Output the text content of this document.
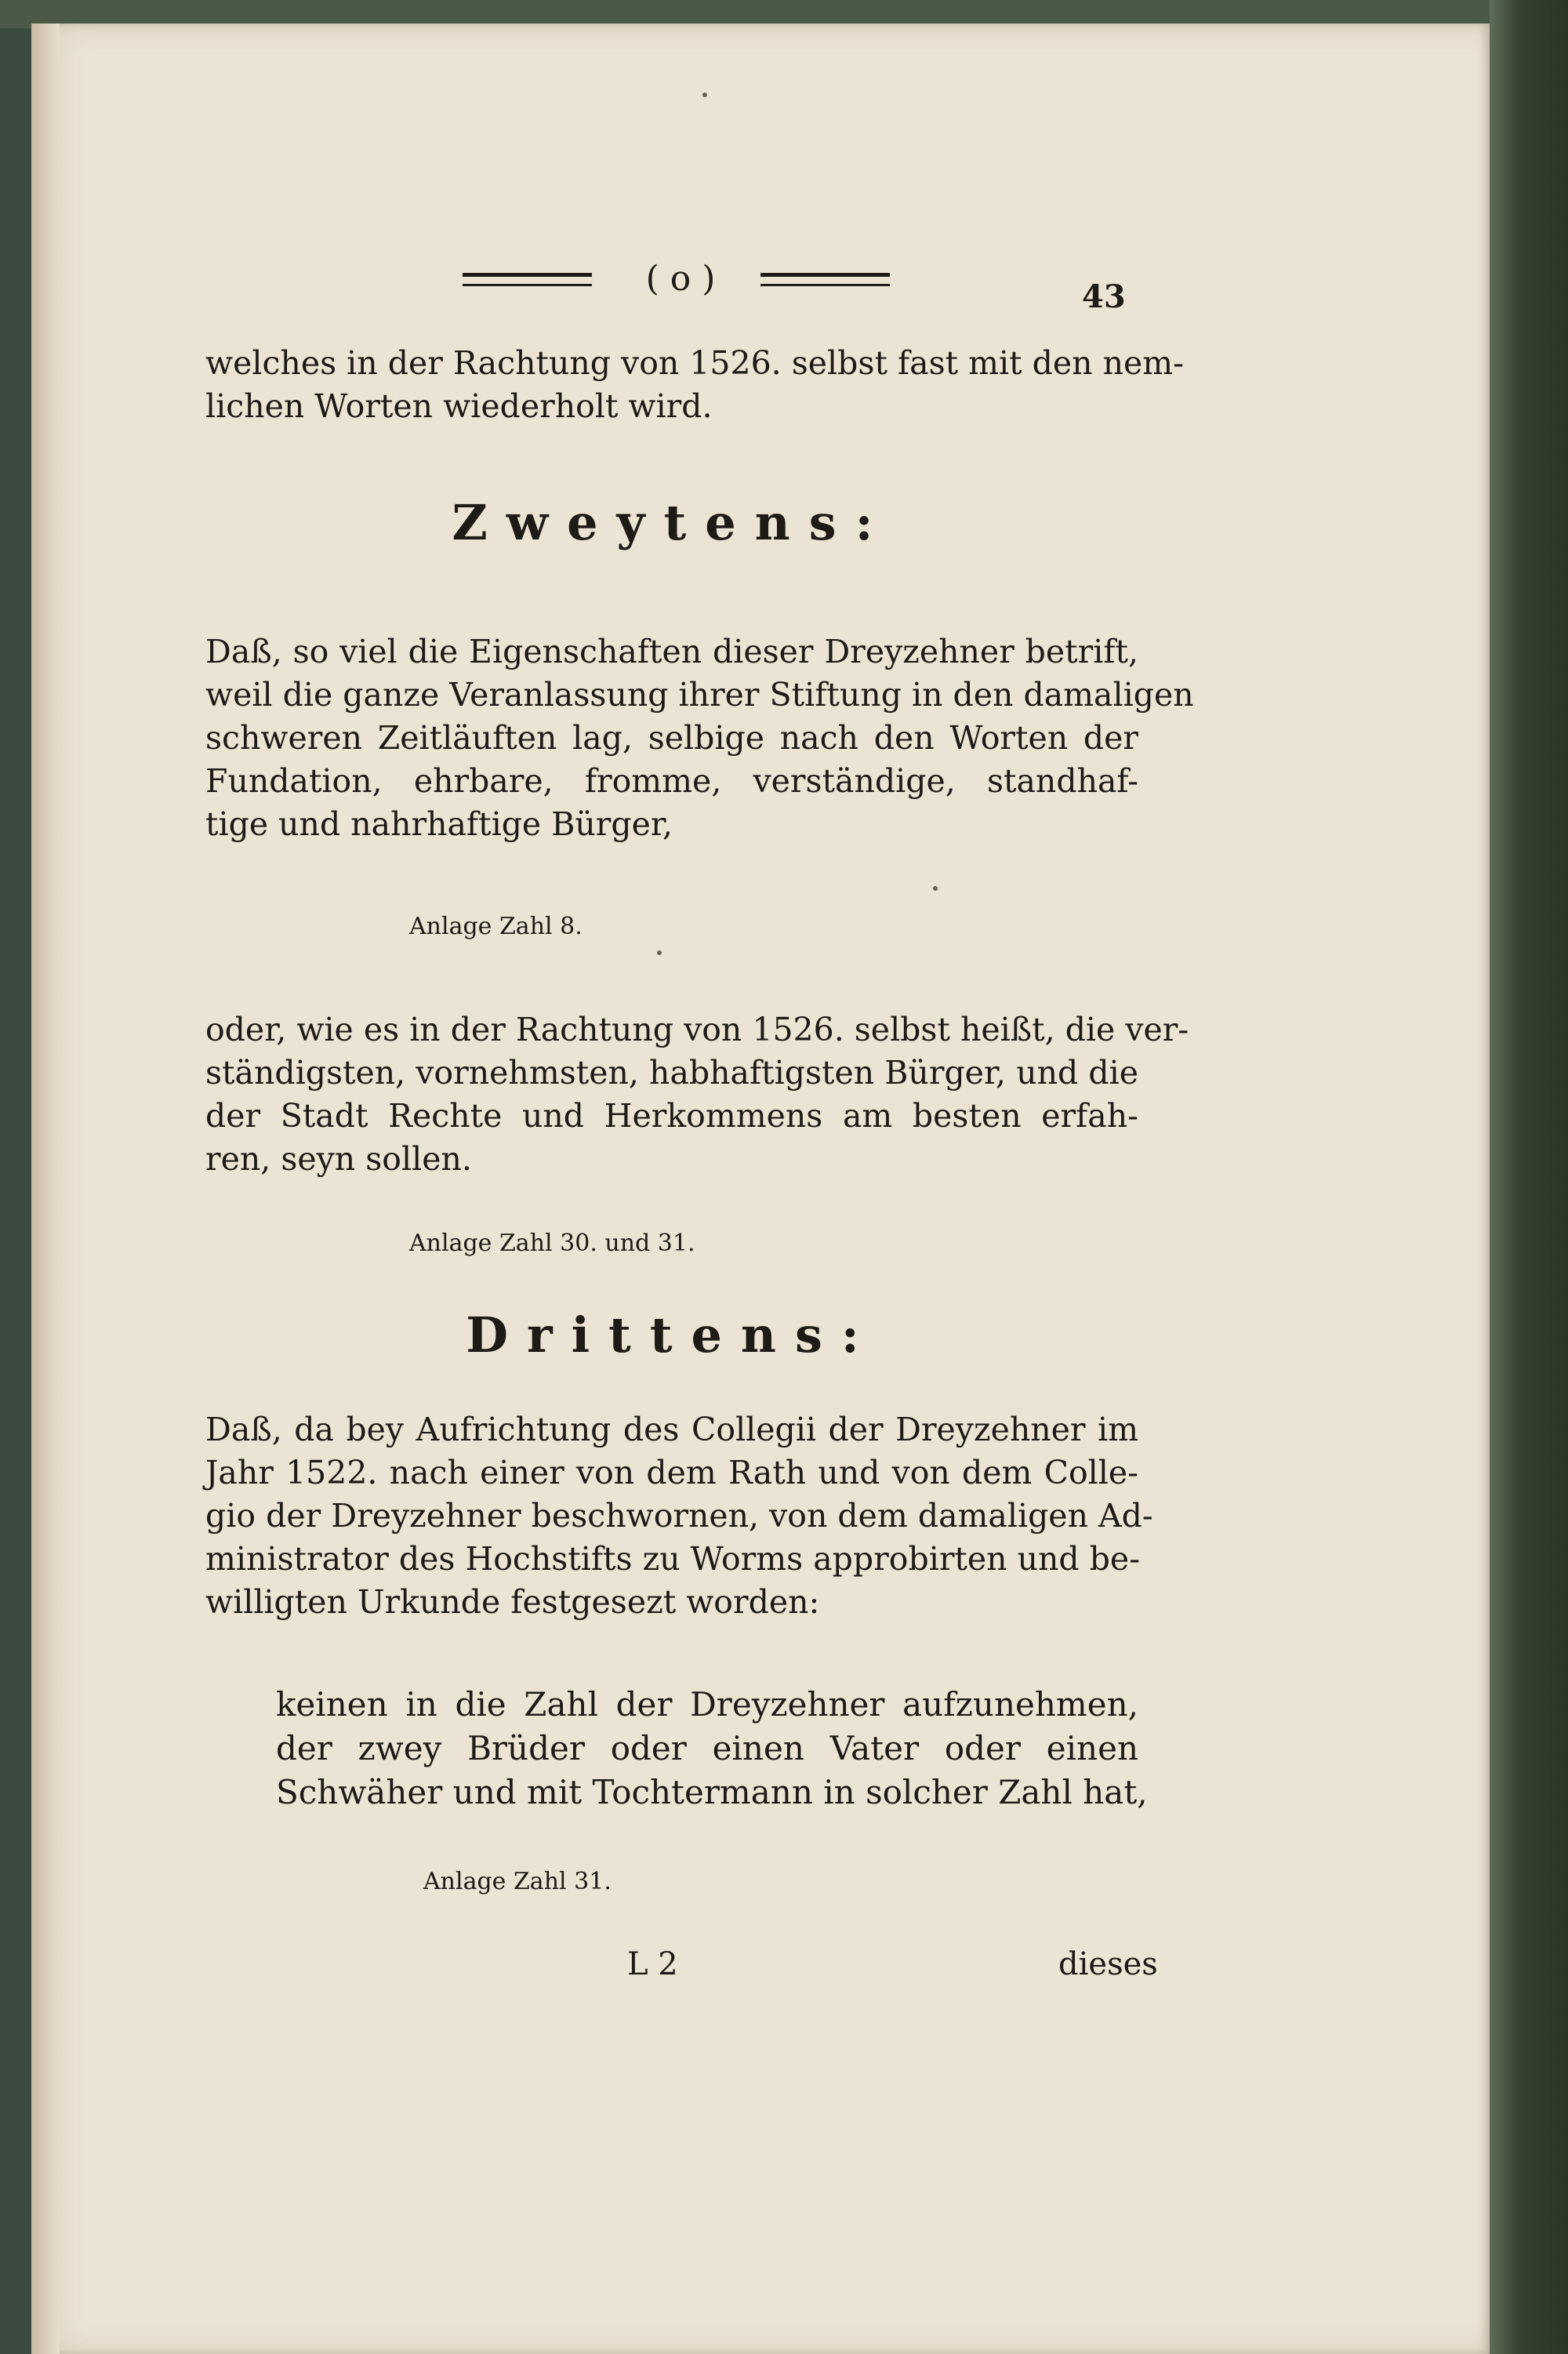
( o )	43
welches in der Rachtung von 1526. selbst fast mit den nem-
lichen Worten wiederholt wird.
Zweytens:
Daß, so viel die Eigenschaften dieser Dreyzehner betrift,
weil die ganze Veranlassung ihrer Stiftung in den damaligen
schweren Zeitläuften lag, selbige nach den Worten der
Fundation, ehrbare, fromme, verständige, standhaf-
tige und nahrhaftige Bürger,
Anlage Zahl 8.
oder, wie es in der Rachtung von 1526. selbst heißt, die ver-
ständigsten, vornehmsten, habhaftigsten Bürger, und die
der Stadt Rechte und Herkommens am besten erfah-
ren, seyn sollen.
Anlage Zahl 30. und 31.
Drittens:
Daß, da bey Aufrichtung des Collegii der Dreyzehner im
Jahr 1522. nach einer von dem Rath und von dem Colle-
gio der Dreyzehner beschwornen, von dem damaligen Ad-
ministrator des Hochstifts zu Worms approbirten und be-
willigten Urkunde festgesezt worden:
keinen in die Zahl der Dreyzehner aufzunehmen,
der zwey Brüder oder einen Vater oder einen
Schwäher und mit Tochtermann in solcher Zahl hat,
Anlage Zahl 31.
L 2	dieses
